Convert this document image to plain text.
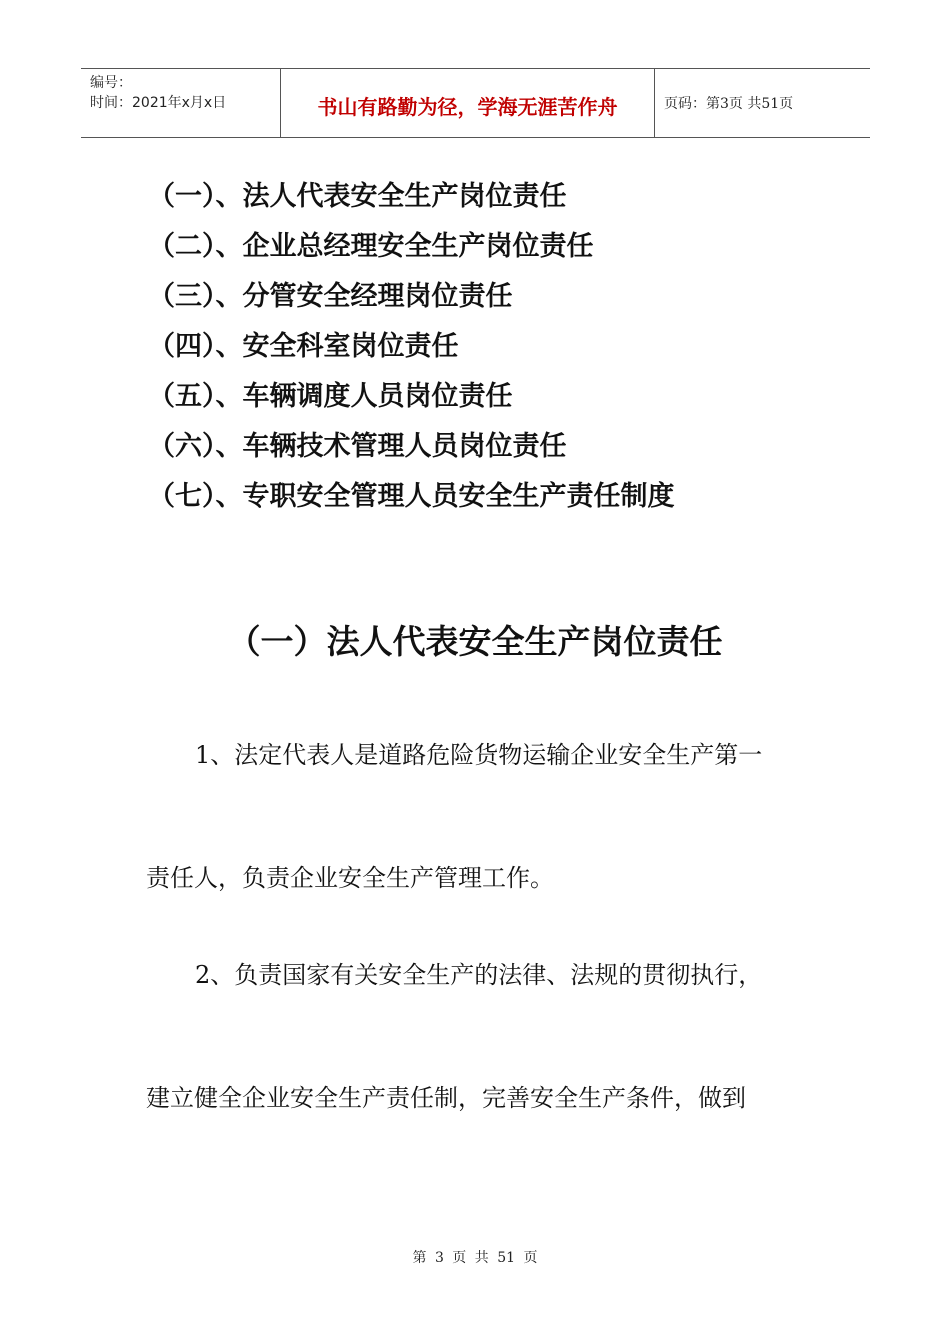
编号：
时间：2021年x月x日	书山有路勤为径，学海无涯苦作舟	页码：第3页 共51页
（一）、法人代表安全生产岗位责任
（二）、企业总经理安全生产岗位责任
（三）、分管安全经理岗位责任
（四）、安全科室岗位责任
（五）、车辆调度人员岗位责任
（六）、车辆技术管理人员岗位责任
（七）、专职安全管理人员安全生产责任制度
（一）法人代表安全生产岗位责任
1、法定代表人是道路危险货物运输企业安全生产第一
责任人，负责企业安全生产管理工作。
2、负责国家有关安全生产的法律、法规的贯彻执行，
建立健全企业安全生产责任制，完善安全生产条件，做到
第 3 页 共 51 页
